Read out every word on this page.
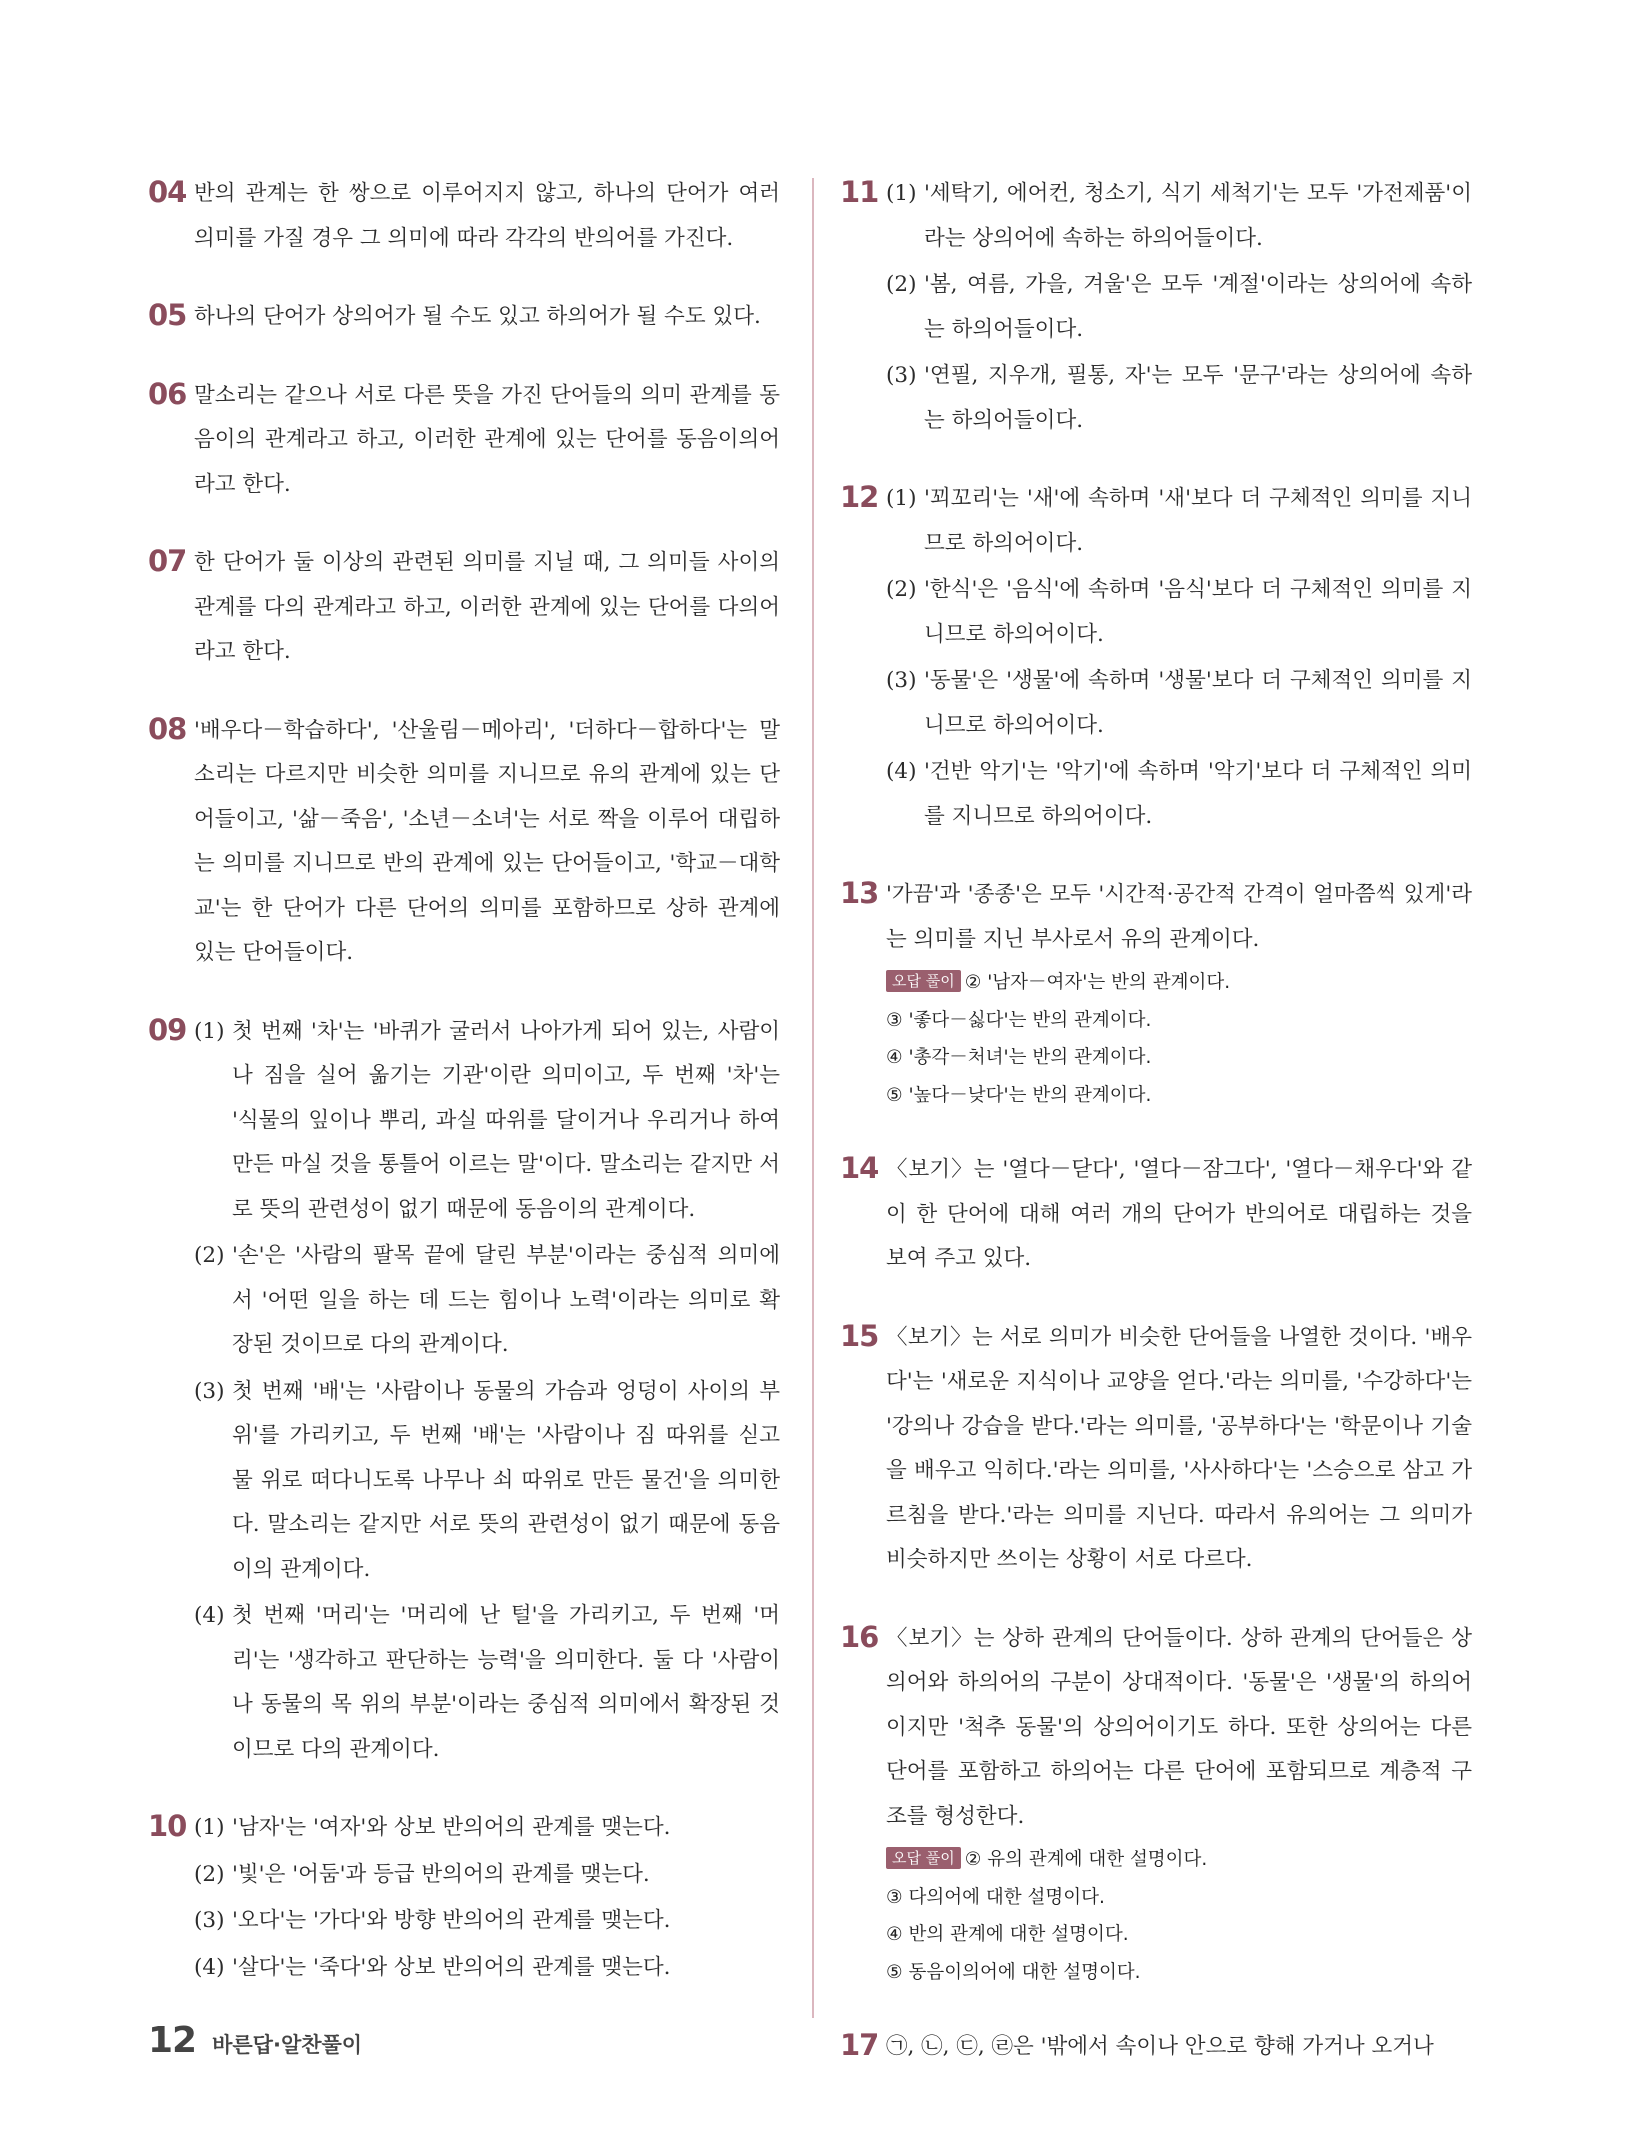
04 반의 관계는 한 쌍으로 이루어지지 않고, 하나의 단어가 여러 의미를 가질 경우 그 의미에 따라 각각의 반의어를 가진다.
05 하나의 단어가 상의어가 될 수도 있고 하의어가 될 수도 있다.
06 말소리는 같으나 서로 다른 뜻을 가진 단어들의 의미 관계를 동음이의 관계라고 하고, 이러한 관계에 있는 단어를 동음이의어라고 한다.
07 한 단어가 둘 이상의 관련된 의미를 지닐 때, 그 의미들 사이의 관계를 다의 관계라고 하고, 이러한 관계에 있는 단어를 다의어라고 한다.
08 '배우다－학습하다', '산울림－메아리', '더하다－합하다'는 말소리는 다르지만 비슷한 의미를 지니므로 유의 관계에 있는 단어들이고, '삶－죽음', '소년－소녀'는 서로 짝을 이루어 대립하는 의미를 지니므로 반의 관계에 있는 단어들이고, '학교－대학교'는 한 단어가 다른 단어의 의미를 포함하므로 상하 관계에 있는 단어들이다.
09 (1) 첫 번째 '차'는 '바퀴가 굴러서 나아가게 되어 있는, 사람이나 짐을 실어 옮기는 기관'이란 의미이고, 두 번째 '차'는 '식물의 잎이나 뿌리, 과실 따위를 달이거나 우리거나 하여 만든 마실 것을 통틀어 이르는 말'이다. 말소리는 같지만 서로 뜻의 관련성이 없기 때문에 동음이의 관계이다.
(2) '손'은 '사람의 팔목 끝에 달린 부분'이라는 중심적 의미에서 '어떤 일을 하는 데 드는 힘이나 노력'이라는 의미로 확장된 것이므로 다의 관계이다.
(3) 첫 번째 '배'는 '사람이나 동물의 가슴과 엉덩이 사이의 부위'를 가리키고, 두 번째 '배'는 '사람이나 짐 따위를 싣고 물 위로 떠다니도록 나무나 쇠 따위로 만든 물건'을 의미한다. 말소리는 같지만 서로 뜻의 관련성이 없기 때문에 동음이의 관계이다.
(4) 첫 번째 '머리'는 '머리에 난 털'을 가리키고, 두 번째 '머리'는 '생각하고 판단하는 능력'을 의미한다. 둘 다 '사람이나 동물의 목 위의 부분'이라는 중심적 의미에서 확장된 것이므로 다의 관계이다.
10 (1) '남자'는 '여자'와 상보 반의어의 관계를 맺는다.
(2) '빛'은 '어둠'과 등급 반의어의 관계를 맺는다.
(3) '오다'는 '가다'와 방향 반의어의 관계를 맺는다.
(4) '살다'는 '죽다'와 상보 반의어의 관계를 맺는다.
11 (1) '세탁기, 에어컨, 청소기, 식기 세척기'는 모두 '가전제품'이라는 상의어에 속하는 하의어들이다.
(2) '봄, 여름, 가을, 겨울'은 모두 '계절'이라는 상의어에 속하는 하의어들이다.
(3) '연필, 지우개, 필통, 자'는 모두 '문구'라는 상의어에 속하는 하의어들이다.
12 (1) '꾀꼬리'는 '새'에 속하며 '새'보다 더 구체적인 의미를 지니므로 하의어이다.
(2) '한식'은 '음식'에 속하며 '음식'보다 더 구체적인 의미를 지니므로 하의어이다.
(3) '동물'은 '생물'에 속하며 '생물'보다 더 구체적인 의미를 지니므로 하의어이다.
(4) '건반 악기'는 '악기'에 속하며 '악기'보다 더 구체적인 의미를 지니므로 하의어이다.
13 '가끔'과 '종종'은 모두 '시간적·공간적 간격이 얼마쯤씩 있게'라는 의미를 지닌 부사로서 유의 관계이다.
오답 풀이 ② '남자－여자'는 반의 관계이다.
③ '좋다－싫다'는 반의 관계이다.
④ '총각－처녀'는 반의 관계이다.
⑤ '높다－낮다'는 반의 관계이다.
14 〈보기〉는 '열다－닫다', '열다－잠그다', '열다－채우다'와 같이 한 단어에 대해 여러 개의 단어가 반의어로 대립하는 것을 보여 주고 있다.
15 〈보기〉는 서로 의미가 비슷한 단어들을 나열한 것이다. '배우다'는 '새로운 지식이나 교양을 얻다.'라는 의미를, '수강하다'는 '강의나 강습을 받다.'라는 의미를, '공부하다'는 '학문이나 기술을 배우고 익히다.'라는 의미를, '사사하다'는 '스승으로 삼고 가르침을 받다.'라는 의미를 지닌다. 따라서 유의어는 그 의미가 비슷하지만 쓰이는 상황이 서로 다르다.
16 〈보기〉는 상하 관계의 단어들이다. 상하 관계의 단어들은 상의어와 하의어의 구분이 상대적이다. '동물'은 '생물'의 하의어이지만 '척추 동물'의 상의어이기도 하다. 또한 상의어는 다른 단어를 포함하고 하의어는 다른 단어에 포함되므로 계층적 구조를 형성한다.
오답 풀이 ② 유의 관계에 대한 설명이다.
③ 다의어에 대한 설명이다.
④ 반의 관계에 대한 설명이다.
⑤ 동음이의어에 대한 설명이다.
17 ㉠, ㉡, ㉢, ㉣은 '밖에서 속이나 안으로 향해 가거나 오거나
12 바른답·알찬풀이
